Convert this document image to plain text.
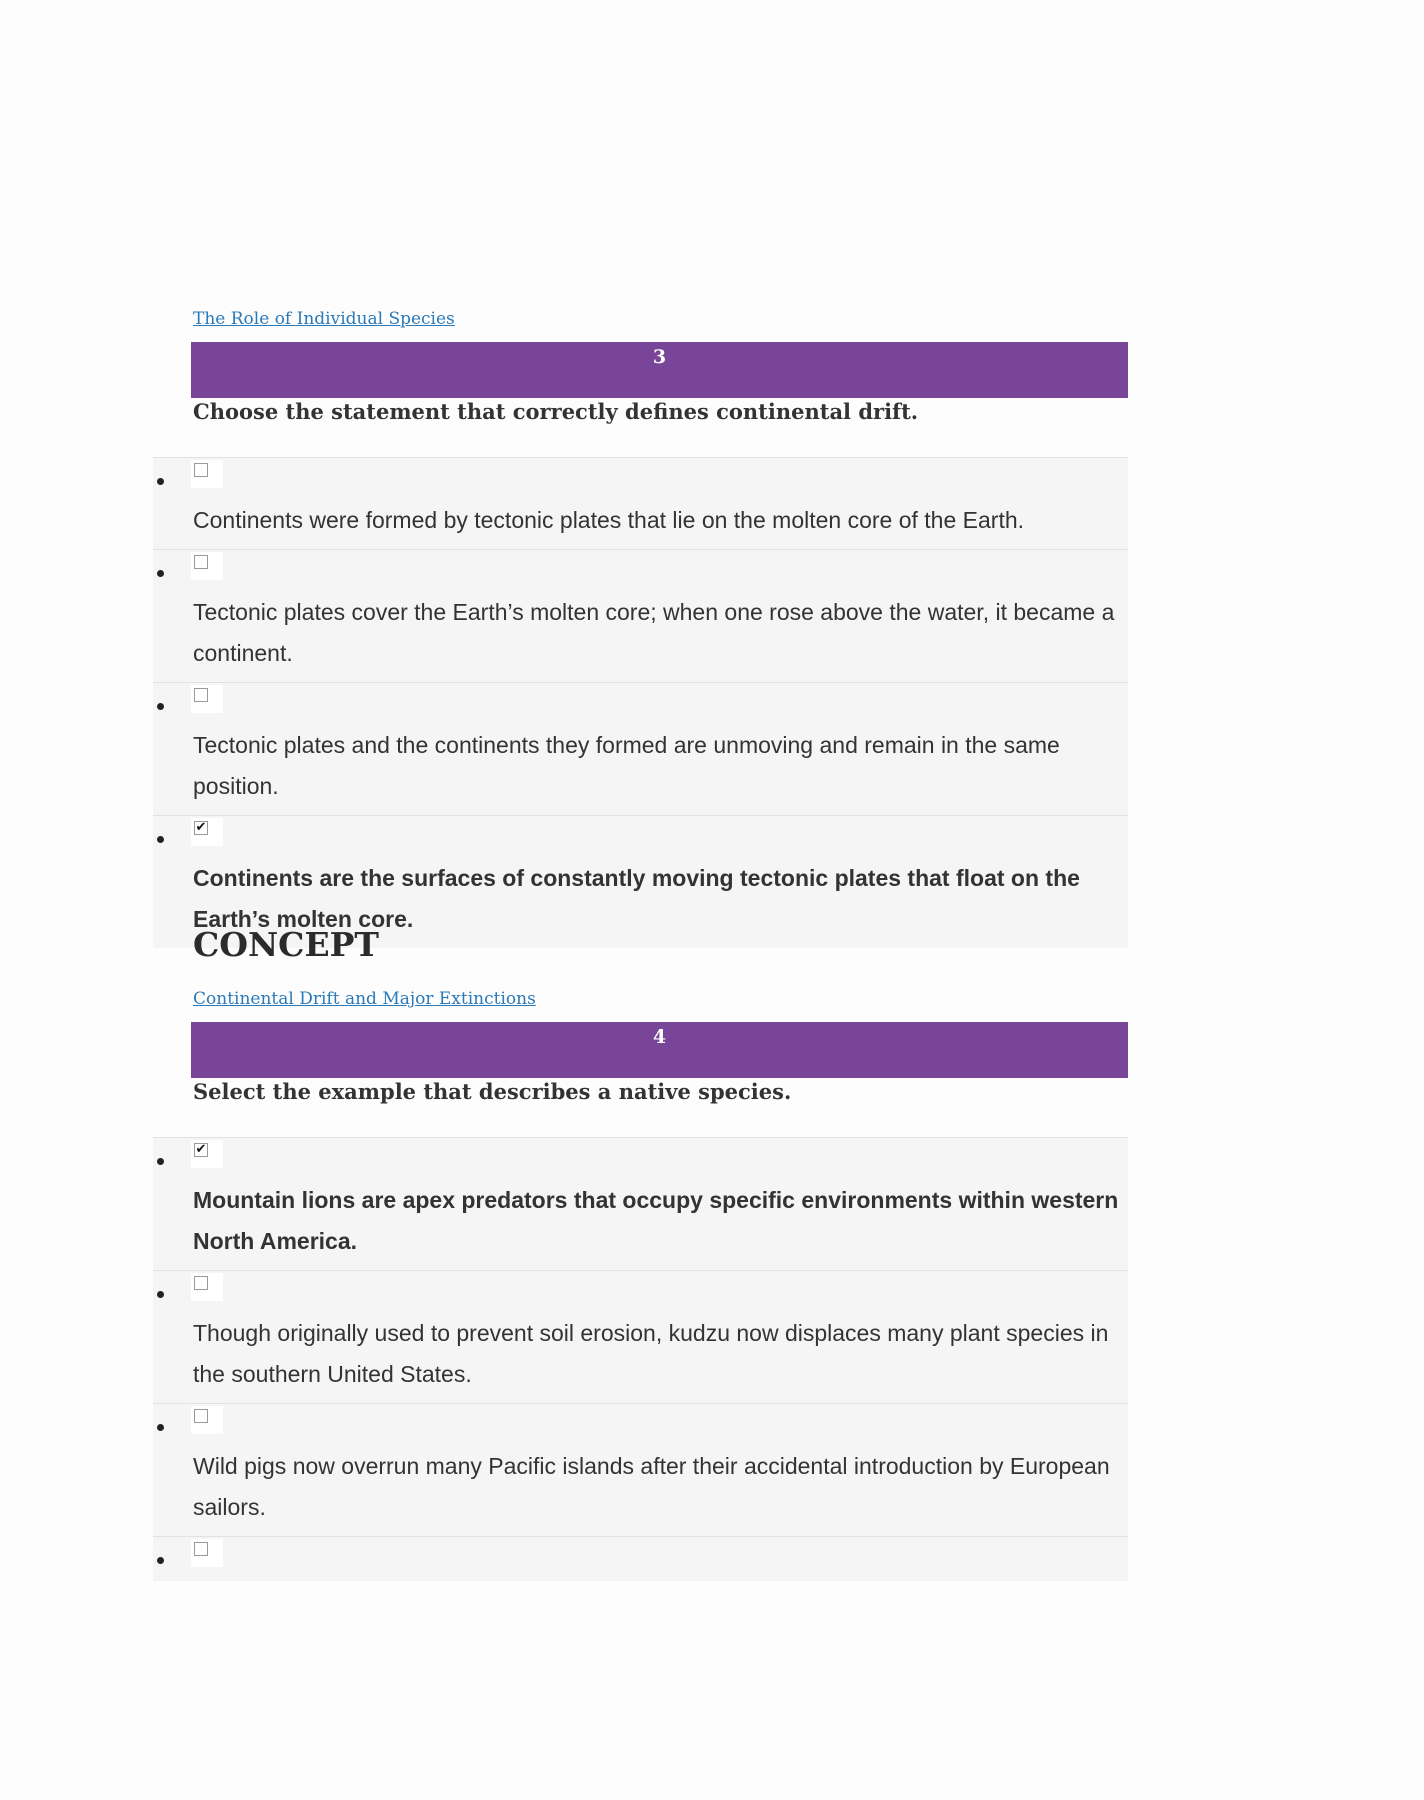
The Role of Individual Species
3
Choose the statement that correctly defines continental drift.
Continents were formed by tectonic plates that lie on the molten core of the Earth.
Tectonic plates cover the Earth’s molten core; when one rose above the water, it became a continent.
Tectonic plates and the continents they formed are unmoving and remain in the same position.
✔
Continents are the surfaces of constantly moving tectonic plates that float on the Earth’s molten core.
CONCEPT
Continental Drift and Major Extinctions
4
Select the example that describes a native species.
✔
Mountain lions are apex predators that occupy specific environments within western North America.
Though originally used to prevent soil erosion, kudzu now displaces many plant species in the southern United States.
Wild pigs now overrun many Pacific islands after their accidental introduction by European sailors.
